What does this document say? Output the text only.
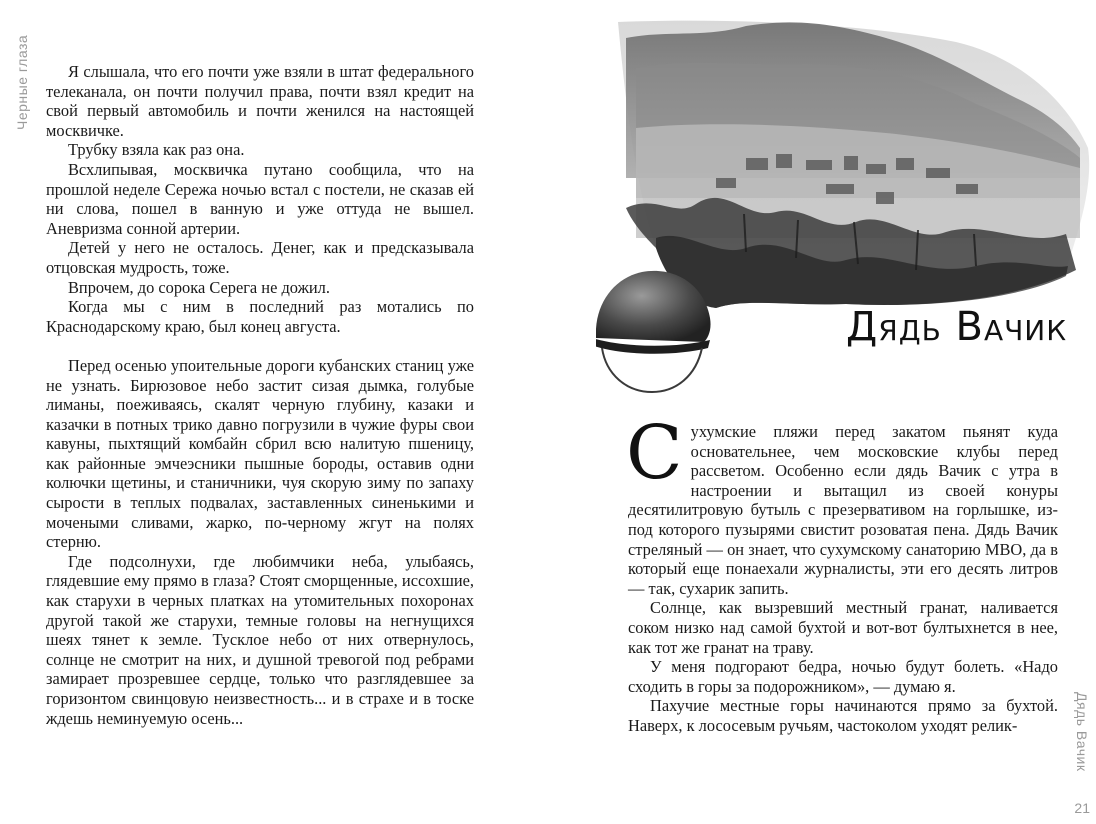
Черные глаза	Я слышала, что его почти уже взяли в штат федерального телеканала, он почти получил права, почти взял кредит на свой первый автомобиль и почти женился на настоящей москвичке.

Трубку взяла как раз она.

Всхлипывая, москвичка путано сообщила, что на прошлой неделе Сережа ночью встал с постели, не сказав ей ни слова, пошел в ванную и уже оттуда не вышел. Аневризма сонной артерии.

Детей у него не осталось. Денег, как и предсказывала отцовская мудрость, тоже.

Впрочем, до сорока Серега не дожил.

Когда мы с ним в последний раз мотались по Краснодарскому краю, был конец августа.

Перед осенью упоительные дороги кубанских станиц уже не узнать. Бирюзовое небо застит сизая дымка, голубые лиманы, поеживаясь, скалят черную глубину, казаки и казачки в потных трико давно погрузили в чужие фуры свои кавуны, пыхтящий комбайн сбрил всю налитую пшеницу, как районные эмчеэсники пышные бороды, оставив одни колючки щетины, и станичники, чуя скорую зиму по запаху сырости в теплых подвалах, заставленных синенькими и мочеными сливами, жарко, по-черному жгут на полях стерню.

Где подсолнухи, где любимчики неба, улыбаясь, глядевшие ему прямо в глаза? Стоят сморщенные, иссохшие, как старухи в черных платках на утомительных похоронах другой такой же старухи, темные головы на негнущихся шеях тянет к земле. Тусклое небо от них отвернулось, солнце не смотрит на них, и душной тревогой под ребрами замирает прозревшее сердце, только что разглядевшее за горизонтом свинцовую неизвестность... и в страхе и в тоске ждешь неминуемую осень...

Дядь Вачик

Сухумские пляжи перед закатом пьянят куда основательнее, чем московские клубы перед рассветом. Особенно если дядь Вачик с утра в настроении и вытащил из своей конуры десятилитровую бутыль с презервативом на горлышке, из-под которого пузырями свистит розоватая пена. Дядь Вачик стреляный — он знает, что сухумскому санаторию МВО, да в который еще понаехали журналисты, эти его десять литров — так, сухарик запить.

Солнце, как вызревший местный гранат, наливается соком низко над самой бухтой и вот-вот бултыхнется в нее, как тот же гранат на траву.

У меня подгорают бедра, ночью будут болеть. «Надо сходить в горы за подорожником», — думаю я.

Пахучие местные горы начинаются прямо за бухтой. Наверх, к лососевым ручьям, частоколом уходят релик-	Дядь Вачик
21
